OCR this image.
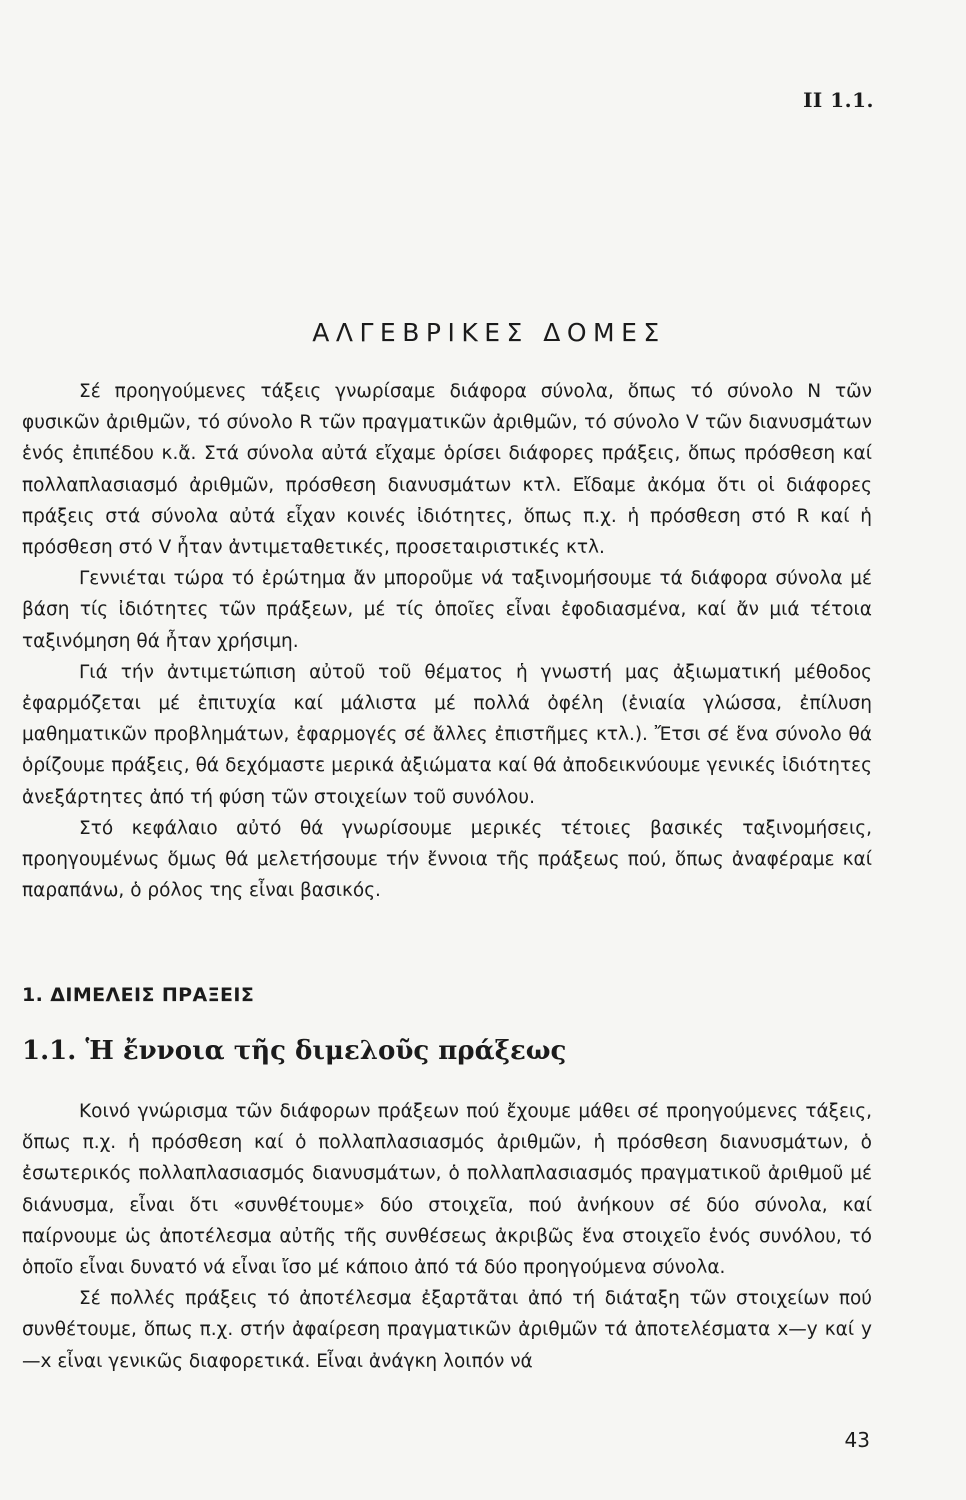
II 1.1.
ΑΛΓΕΒΡΙΚΕΣ ΔΟΜΕΣ

Σέ προηγούμενες τάξεις γνωρίσαμε διάφορα σύνολα, ὅπως τό σύνολο N τῶν φυσικῶν ἀριθμῶν, τό σύνολο R τῶν πραγματικῶν ἀριθμῶν, τό σύνολο V τῶν διανυσμάτων ἑνός ἐπιπέδου κ.ἄ. Στά σύνολα αὐτά εἴχαμε ὁρίσει διάφορες πράξεις, ὅπως πρόσθεση καί πολλαπλασιασμό ἀριθμῶν, πρόσθεση διανυσμάτων κτλ. Εἴδαμε ἀκόμα ὅτι οἱ διάφορες πράξεις στά σύνολα αὐτά εἶχαν κοινές ἰδιότητες, ὅπως π.χ. ἡ πρόσθεση στό R καί ἡ πρόσθεση στό V ἦταν ἀντιμεταθετικές, προσεταιριστικές κτλ.

Γεννιέται τώρα τό ἐρώτημα ἄν μποροῦμε νά ταξινομήσουμε τά διάφορα σύνολα μέ βάση τίς ἰδιότητες τῶν πράξεων, μέ τίς ὁποῖες εἶναι ἐφοδιασμένα, καί ἄν μιά τέτοια ταξινόμηση θά ἦταν χρήσιμη.

Γιά τήν ἀντιμετώπιση αὐτοῦ τοῦ θέματος ἡ γνωστή μας ἀξιωματική μέθοδος ἐφαρμόζεται μέ ἐπιτυχία καί μάλιστα μέ πολλά ὀφέλη (ἑνιαία γλώσσα, ἐπίλυση μαθηματικῶν προβλημάτων, ἐφαρμογές σέ ἄλλες ἐπιστῆμες κτλ.). Ἔτσι σέ ἕνα σύνολο θά ὁρίζουμε πράξεις, θά δεχόμαστε μερικά ἀξιώματα καί θά ἀποδεικνύουμε γενικές ἰδιότητες ἀνεξάρτητες ἀπό τή φύση τῶν στοιχείων τοῦ συνόλου.

Στό κεφάλαιο αὐτό θά γνωρίσουμε μερικές τέτοιες βασικές ταξινομήσεις, προηγουμένως ὅμως θά μελετήσουμε τήν ἔννοια τῆς πράξεως πού, ὅπως ἀναφέραμε καί παραπάνω, ὁ ρόλος της εἶναι βασικός.

1. ΔΙΜΕΛΕΙΣ ΠΡΑΞΕΙΣ
1.1. Ἡ ἔννοια τῆς διμελοῦς πράξεως

Κοινό γνώρισμα τῶν διάφορων πράξεων πού ἔχουμε μάθει σέ προηγούμενες τάξεις, ὅπως π.χ. ἡ πρόσθεση καί ὁ πολλαπλασιασμός ἀριθμῶν, ἡ πρόσθεση διανυσμάτων, ὁ ἐσωτερικός πολλαπλασιασμός διανυσμάτων, ὁ πολλαπλασιασμός πραγματικοῦ ἀριθμοῦ μέ διάνυσμα, εἶναι ὅτι «συνθέτουμε» δύο στοιχεῖα, πού ἀνήκουν σέ δύο σύνολα, καί παίρνουμε ὡς ἀποτέλεσμα αὐτῆς τῆς συνθέσεως ἀκριβῶς ἕνα στοιχεῖο ἑνός συνόλου, τό ὁποῖο εἶναι δυνατό νά εἶναι ἴσο μέ κάποιο ἀπό τά δύο προηγούμενα σύνολα.

Σέ πολλές πράξεις τό ἀποτέλεσμα ἐξαρτᾶται ἀπό τή διάταξη τῶν στοιχείων πού συνθέτουμε, ὅπως π.χ. στήν ἀφαίρεση πραγματικῶν ἀριθμῶν τά ἀποτελέσματα x—y καί y—x εἶναι γενικῶς διαφορετικά. Εἶναι ἀνάγκη λοιπόν νά

43
